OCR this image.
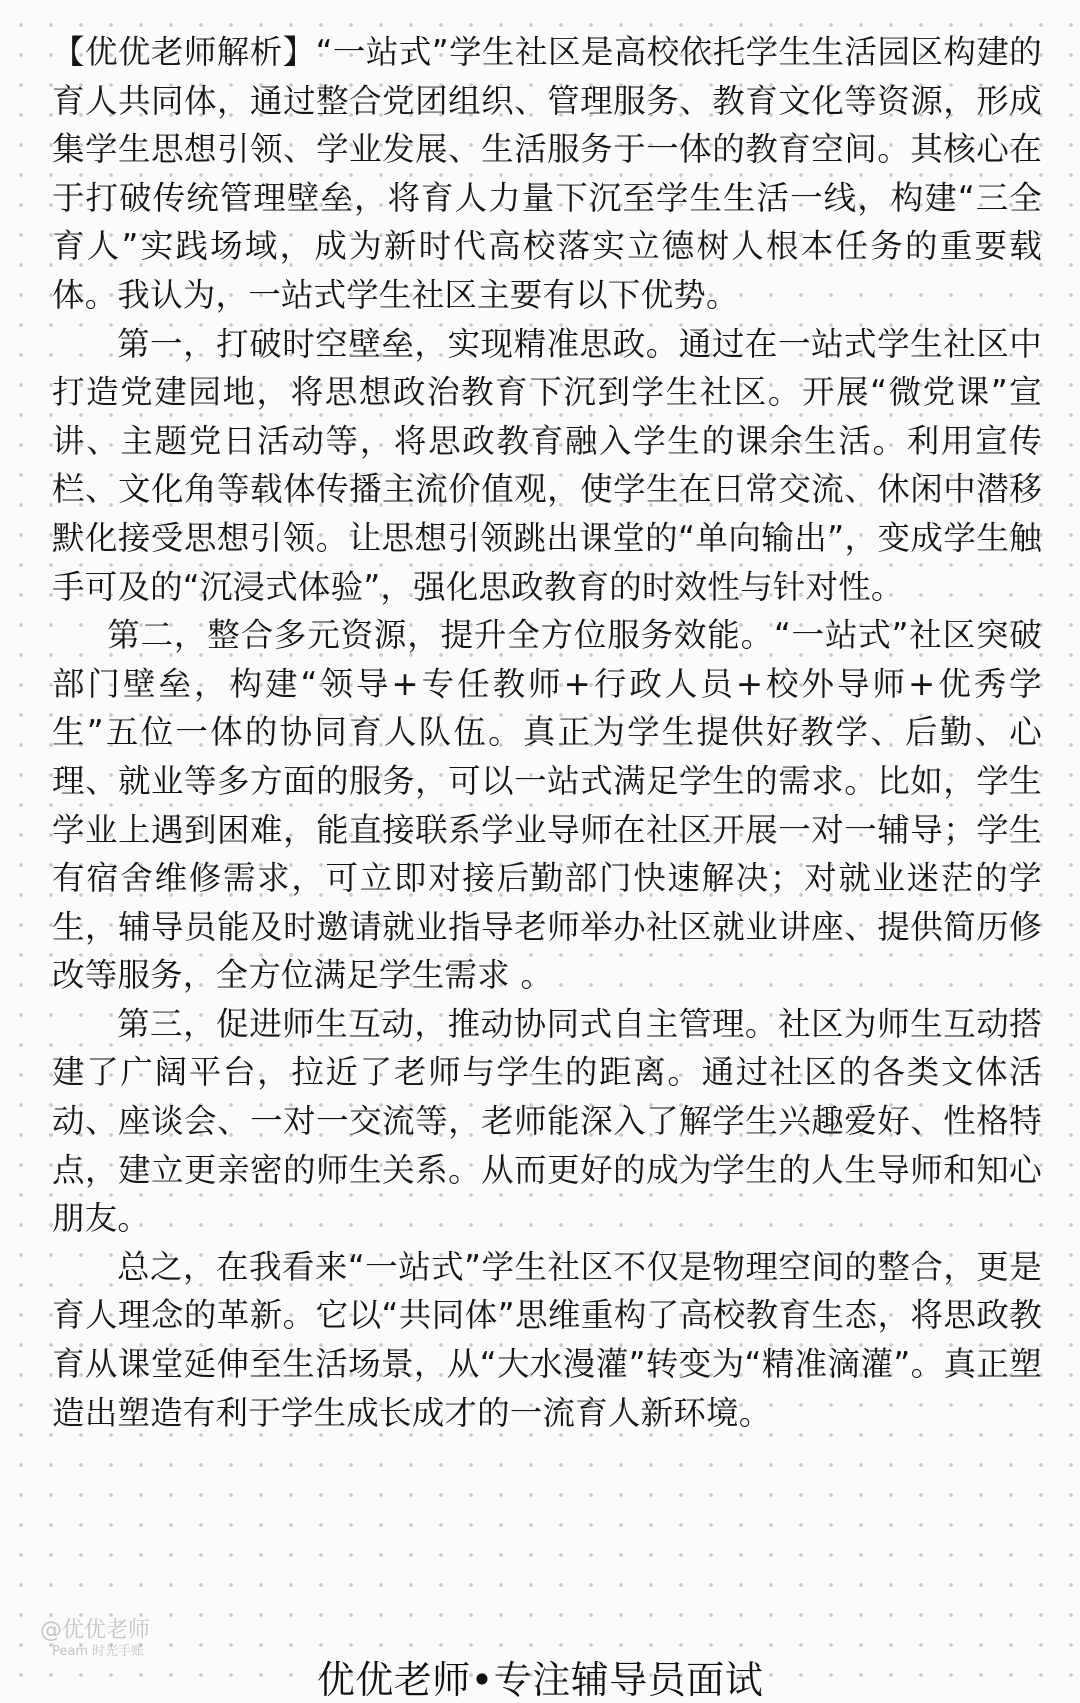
【优优老师解析】“一站式”学生社区是高校依托学生生活园区构建的育人共同体，通过整合党团组织、管理服务、教育文化等资源，形成集学生思想引领、学业发展、生活服务于一体的教育空间。其核心在于打破传统管理壁垒，将育人力量下沉至学生生活一线，构建“三全育人”实践场域，成为新时代高校落实立德树人根本任务的重要载体。我认为，一站式学生社区主要有以下优势。

第一，打破时空壁垒，实现精准思政。通过在一站式学生社区中打造党建园地，将思想政治教育下沉到学生社区。开展“微党课”宣讲、主题党日活动等，将思政教育融入学生的课余生活。利用宣传栏、文化角等载体传播主流价值观，使学生在日常交流、休闲中潜移默化接受思想引领。让思想引领跳出课堂的“单向输出”，变成学生触手可及的“沉浸式体验”，强化思政教育的时效性与针对性。

第二，整合多元资源，提升全方位服务效能。“一站式”社区突破部门壁垒，构建“领导+专任教师+行政人员+校外导师+优秀学生”五位一体的协同育人队伍。真正为学生提供好教学、后勤、心理、就业等多方面的服务，可以一站式满足学生的需求。比如，学生学业上遇到困难，能直接联系学业导师在社区开展一对一辅导；学生有宿舍维修需求，可立即对接后勤部门快速解决；对就业迷茫的学生，辅导员能及时邀请就业指导老师举办社区就业讲座、提供简历修改等服务，全方位满足学生需求 。

第三，促进师生互动，推动协同式自主管理。社区为师生互动搭建了广阔平台，拉近了老师与学生的距离。通过社区的各类文体活动、座谈会、一对一交流等，老师能深入了解学生兴趣爱好、性格特点，建立更亲密的师生关系。从而更好的成为学生的人生导师和知心朋友。

总之，在我看来“一站式”学生社区不仅是物理空间的整合，更是育人理念的革新。它以“共同体”思维重构了高校教育生态，将思政教育从课堂延伸至生活场景，从“大水漫灌”转变为“精准滴灌”。真正塑造出塑造有利于学生成长成才的一流育人新环境。

@优优老师
Peam 时光手账
优优老师•专注辅导员面试
